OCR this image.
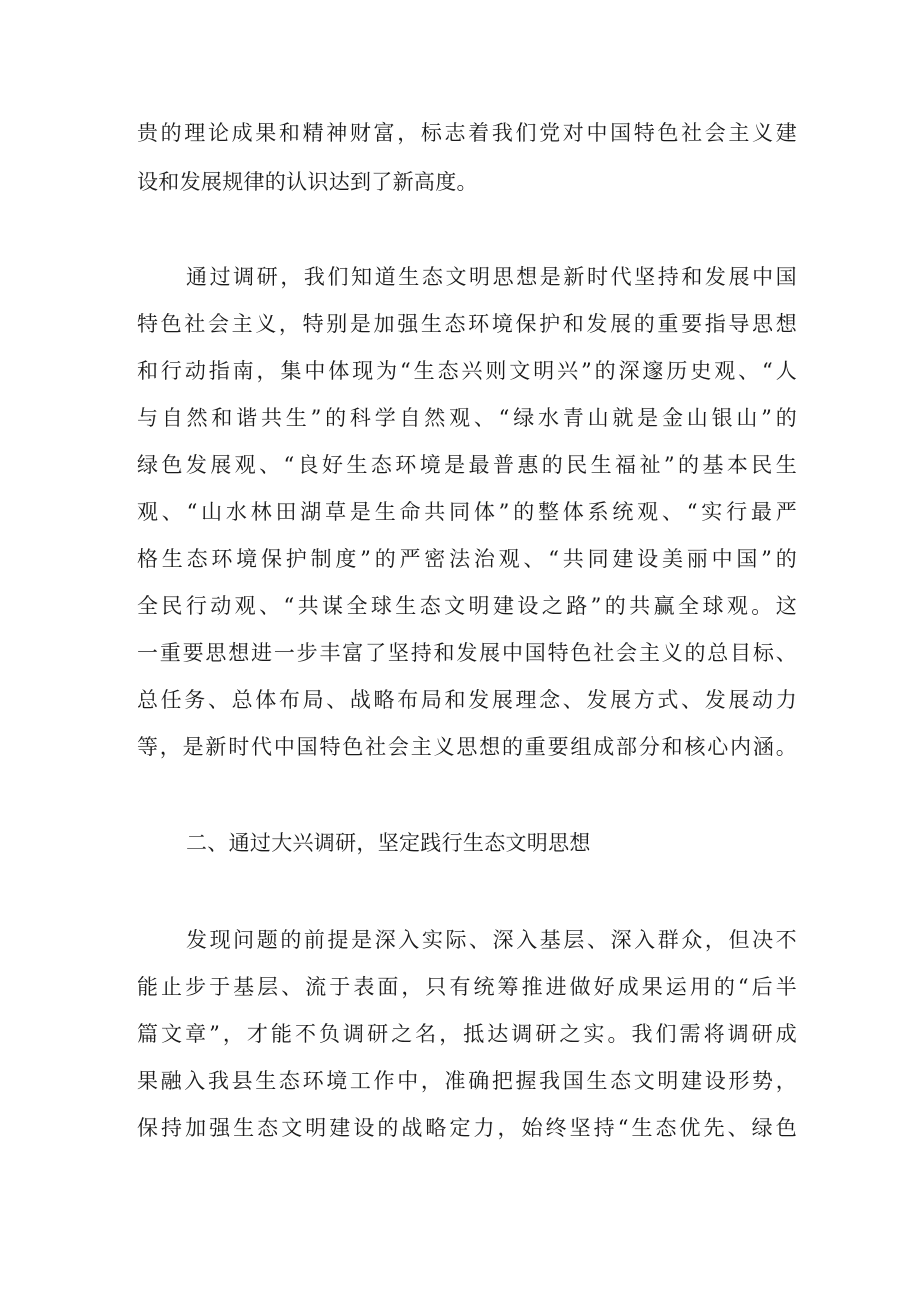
贵的理论成果和精神财富，标志着我们党对中国特色社会主义建
设和发展规律的认识达到了新高度。
通过调研，我们知道生态文明思想是新时代坚持和发展中国
特色社会主义，特别是加强生态环境保护和发展的重要指导思想
和行动指南，集中体现为“生态兴则文明兴”的深邃历史观、“人
与自然和谐共生”的科学自然观、“绿水青山就是金山银山”的
绿色发展观、“良好生态环境是最普惠的民生福祉”的基本民生
观、“山水林田湖草是生命共同体”的整体系统观、“实行最严
格生态环境保护制度”的严密法治观、“共同建设美丽中国”的
全民行动观、“共谋全球生态文明建设之路”的共赢全球观。这
一重要思想进一步丰富了坚持和发展中国特色社会主义的总目标、
总任务、总体布局、战略布局和发展理念、发展方式、发展动力
等，是新时代中国特色社会主义思想的重要组成部分和核心内涵。
二、通过大兴调研，坚定践行生态文明思想
发现问题的前提是深入实际、深入基层、深入群众，但决不
能止步于基层、流于表面，只有统筹推进做好成果运用的“后半
篇文章”，才能不负调研之名，抵达调研之实。我们需将调研成
果融入我县生态环境工作中，准确把握我国生态文明建设形势，
保持加强生态文明建设的战略定力，始终坚持“生态优先、绿色
